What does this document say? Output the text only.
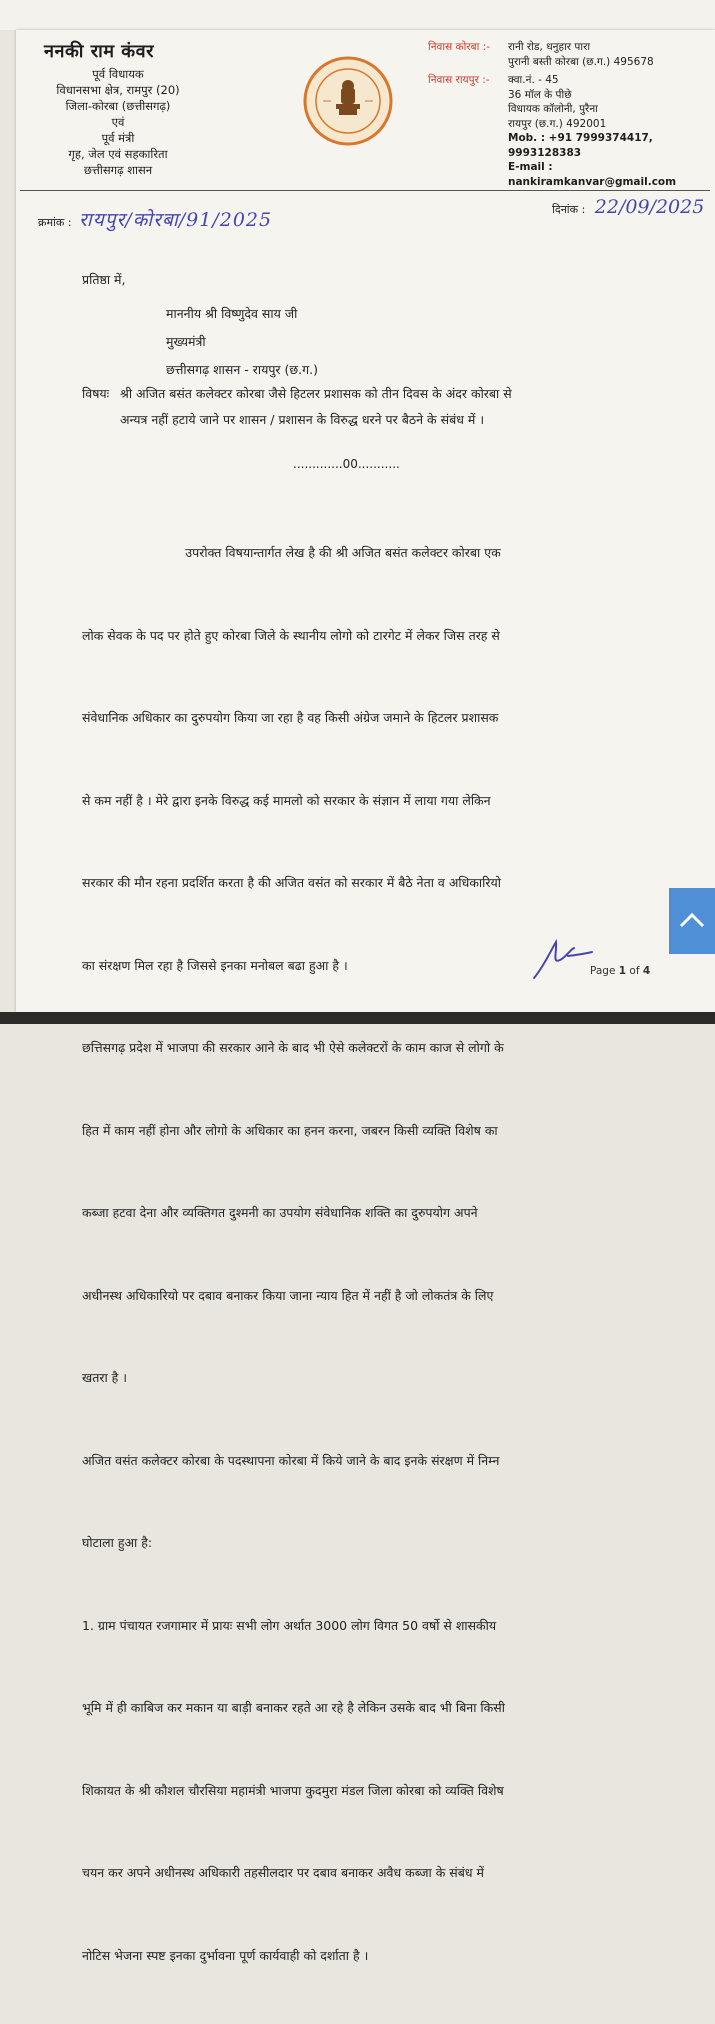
ननकी राम कंवर
पूर्व विधायक
विधानसभा क्षेत्र, रामपुर (20)
जिला-कोरबा (छत्तीसगढ़)
एवं
पूर्व मंत्री
गृह, जेल एवं सहकारिता
छत्तीसगढ़ शासन
निवास कोरबा :-	रानी रोड, धनुहार पारा
पुरानी बस्ती कोरबा (छ.ग.) 495678
निवास रायपुर :-	क्वा.नं. - 45
36 मॉल के पीछे
विधायक कॉलोनी, पुरैना
रायपुर (छ.ग.) 492001
Mob. : +91 7999374417, 9993128383
E-mail : nankiramkanvar@gmail.com
क्रमांक : रायपुर/कोरबा/91/2025	दिनांक : 22/09/2025
प्रतिष्ठा में,
माननीय श्री विष्णुदेव साय जी
मुख्यमंत्री
छत्तीसगढ़ शासन - रायपुर (छ.ग.)
विषयः श्री अजित बसंत कलेक्टर कोरबा जैसे हिटलर प्रशासक को तीन दिवस के अंदर कोरबा से
अन्यत्र नहीं हटाये जाने पर शासन / प्रशासन के विरुद्ध धरने पर बैठने के संबंध में ।
.............00...........

उपरोक्त विषयान्तार्गत लेख है की श्री अजित बसंत कलेक्टर कोरबा एक

लोक सेवक के पद पर होते हुए कोरबा जिले के स्थानीय लोगो को टारगेट में लेकर जिस तरह से

संवेधानिक अधिकार का दुरुपयोग किया जा रहा है वह किसी अंग्रेज जमाने के हिटलर प्रशासक

से कम नहीं है । मेरे द्वारा इनके विरुद्ध कई मामलो को सरकार के संज्ञान में लाया गया लेकिन

सरकार की मौन रहना प्रदर्शित करता है की अजित वसंत को सरकार में बैठे नेता व अधिकारियो

का संरक्षण मिल रहा है जिससे इनका मनोबल बढा हुआ है ।

छत्तिसगढ़ प्रदेश में भाजपा की सरकार आने के बाद भी ऐसे कलेक्टरों के काम काज से लोगो के

हित में काम नहीं होना और लोगो के अधिकार का हनन करना, जबरन किसी व्यक्ति विशेष का

कब्जा हटवा देना और व्यक्तिगत दुश्मनी का उपयोग संवेधानिक शक्ति का दुरुपयोग अपने

अधीनस्थ अधिकारियो पर दबाव बनाकर किया जाना न्याय हित में नहीं है जो लोकतंत्र के लिए

खतरा है ।

अजित वसंत कलेक्टर कोरबा के पदस्थापना कोरबा में किये जाने के बाद इनके संरक्षण में निम्न

घोटाला हुआ है:

1. ग्राम पंचायत रजगामार में प्रायः सभी लोग अर्थात 3000 लोग विगत 50 वर्षो से शासकीय

भूमि में ही काबिज कर मकान या बाड़ी बनाकर रहते आ रहे है लेकिन उसके बाद भी बिना किसी

शिकायत के श्री कौशल चौरसिया महामंत्री भाजपा कुदमुरा मंडल जिला कोरबा को व्यक्ति विशेष

चयन कर अपने अधीनस्थ अधिकारी तहसीलदार पर दबाव बनाकर अवैध कब्जा के संबंध में

नोटिस भेजना स्पष्ट इनका दुर्भावना पूर्ण कार्यवाही को दर्शाता है ।

Page 1 of 4
